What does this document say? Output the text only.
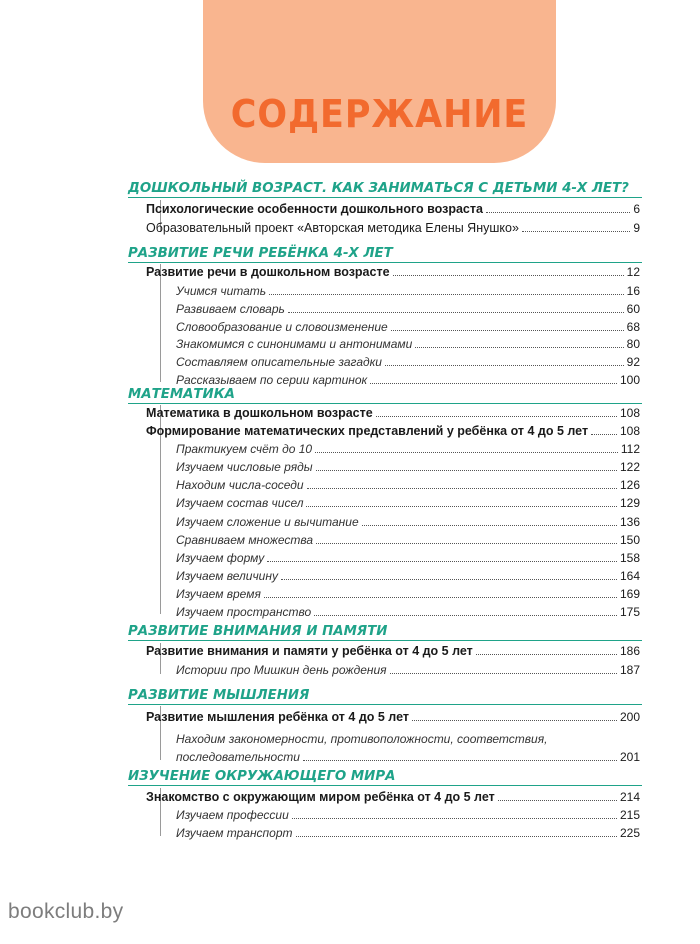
СОДЕРЖАНИЕ
ДОШКОЛЬНЫЙ ВОЗРАСТ. КАК ЗАНИМАТЬСЯ С ДЕТЬМИ 4-Х ЛЕТ?
Психологические особенности дошкольного возраста	6
Образовательный проект «Авторская методика Елены Янушко»	9
РАЗВИТИЕ РЕЧИ РЕБЁНКА 4-Х ЛЕТ
Развитие речи в дошкольном возрасте	12
Учимся читать	16
Развиваем словарь	60
Словообразование и словоизменение	68
Знакомимся с синонимами и антонимами	80
Составляем описательные загадки	92
Рассказываем по серии картинок	100
МАТЕМАТИКА
Математика в дошкольном возрасте	108
Формирование математических представлений у ребёнка от 4 до 5 лет	108
Практикуем счёт до 10	112
Изучаем числовые ряды	122
Находим числа-соседи	126
Изучаем состав чисел	129
Изучаем сложение и вычитание	136
Сравниваем множества	150
Изучаем форму	158
Изучаем величину	164
Изучаем время	169
Изучаем пространство	175
РАЗВИТИЕ ВНИМАНИЯ И ПАМЯТИ
Развитие внимания и памяти у ребёнка от 4 до 5 лет	186
Истории про Мишкин день рождения	187
РАЗВИТИЕ МЫШЛЕНИЯ
Развитие мышления ребёнка от 4 до 5 лет	200
Находим закономерности, противоположности, соответствия,
последовательности	201
ИЗУЧЕНИЕ ОКРУЖАЮЩЕГО МИРА
Знакомство с окружающим миром ребёнка от 4 до 5 лет	214
Изучаем профессии	215
Изучаем транспорт	225
bookclub.by
